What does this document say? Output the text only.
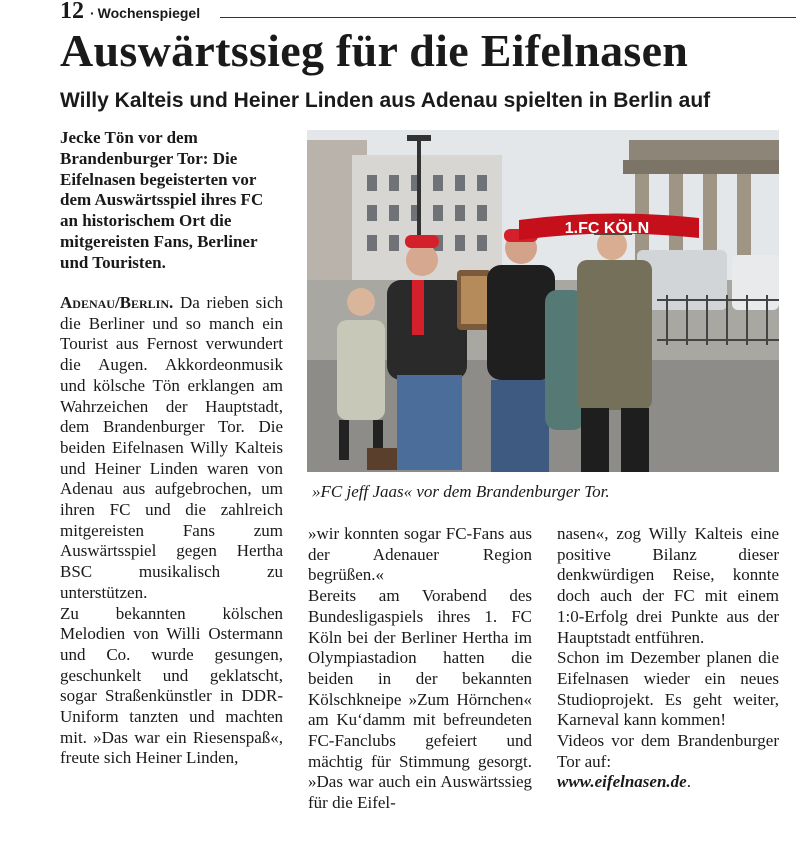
12 · Wochenspiegel
Auswärtssieg für die Eifelnasen
Willy Kalteis und Heiner Linden aus Adenau spielten in Berlin auf
Jecke Tön vor dem Brandenburger Tor: Die Eifelnasen begeisterten vor dem Auswärtsspiel ihres FC an historischem Ort die mitgereisten Fans, Berliner und Touristen.
1.FC KÖLN
»FC jeff Jaas« vor dem Brandenburger Tor.

Adenau/Berlin. Da rieben sich die Berliner und so manch ein Tourist aus Fernost verwundert die Augen. Akkordeonmusik und kölsche Tön erklangen am Wahrzeichen der Hauptstadt, dem Brandenburger Tor. Die beiden Eifelnasen Willy Kalteis und Heiner Linden waren von Adenau aus aufgebrochen, um ihren FC und die zahlreich mitgereisten Fans zum Auswärtsspiel gegen Hertha BSC musikalisch zu unterstützen.

Zu bekannten kölschen Melodien von Willi Ostermann und Co. wurde gesungen, geschunkelt und geklatscht, sogar Straßenkünstler in DDR-Uniform tanzten und machten mit. »Das war ein Riesenspaß«, freute sich Heiner Linden,

»wir konnten sogar FC-Fans aus der Adenauer Region begrüßen.«

Bereits am Vorabend des Bundesligaspiels ihres 1. FC Köln bei der Berliner Hertha im Olympiastadion hatten die beiden in der bekannten Kölschkneipe »Zum Hörnchen« am Ku‘damm mit befreundeten FC-Fanclubs gefeiert und mächtig für Stimmung gesorgt. »Das war auch ein Auswärtssieg für die Eifel-

nasen«, zog Willy Kalteis eine positive Bilanz dieser denkwürdigen Reise, konnte doch auch der FC mit einem 1:0-Erfolg drei Punkte aus der Hauptstadt entführen.

Schon im Dezember planen die Eifelnasen wieder ein neues Studioprojekt. Es geht weiter, Karneval kann kommen!

Videos vor dem Brandenburger Tor auf:

www.eifelnasen.de.
